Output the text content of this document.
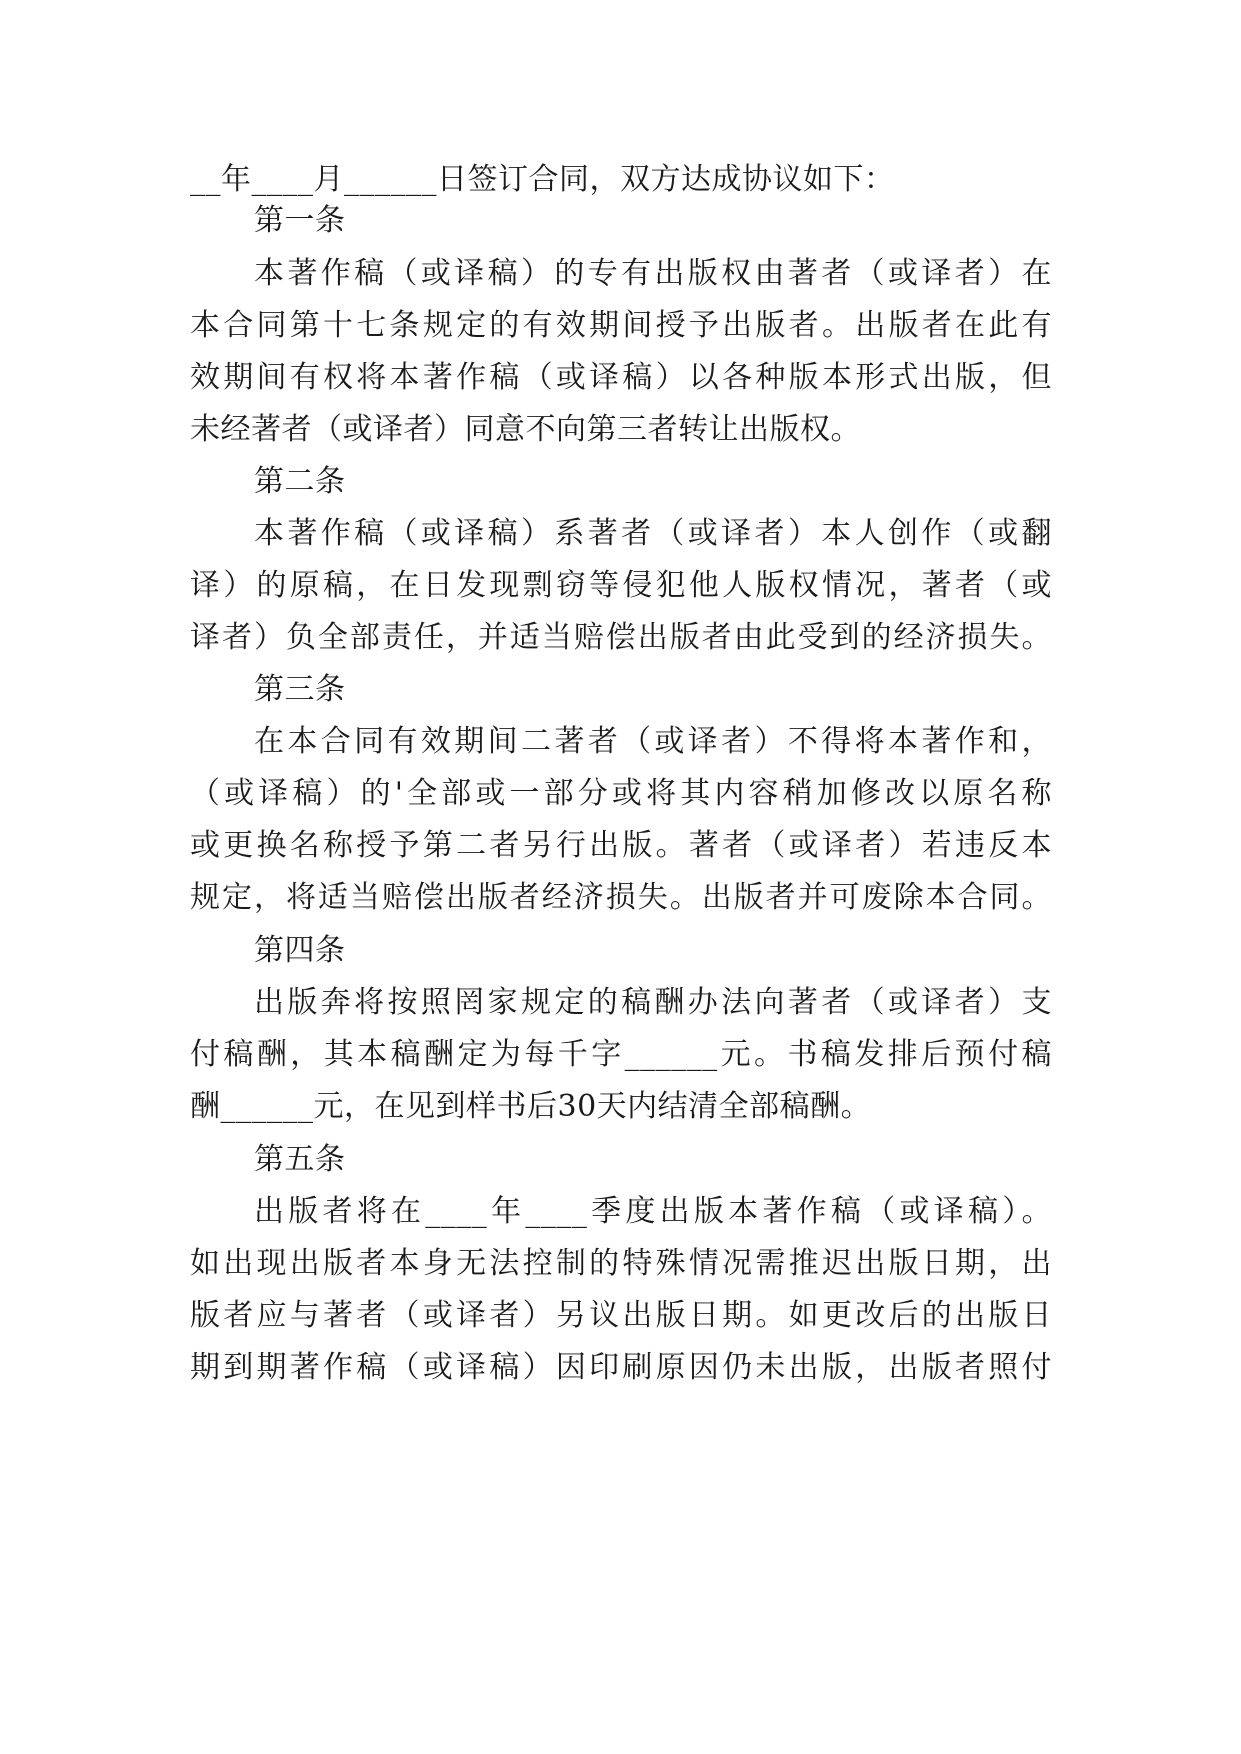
__年____月______日签订合同，双方达成协议如下：
第一条
本著作稿（或译稿）的专有出版权由著者（或译者）在
本合同第十七条规定的有效期间授予出版者。出版者在此有
效期间有权将本著作稿（或译稿）以各种版本形式出版，但
未经著者（或译者）同意不向第三者转让出版权。
第二条
本著作稿（或译稿）系著者（或译者）本人创作（或翻
译）的原稿，在日发现剽窃等侵犯他人版权情况，著者（或
译者）负全部责任，并适当赔偿出版者由此受到的经济损失。
第三条
在本合同有效期间二著者（或译者）不得将本著作和，
（或译稿）的'全部或一部分或将其内容稍加修改以原名称
或更换名称授予第二者另行出版。著者（或译者）若违反本
规定，将适当赔偿出版者经济损失。出版者并可废除本合同。
第四条
出版奔将按照罔家规定的稿酬办法向著者（或译者）支
付稿酬，其本稿酬定为每千字______元。书稿发排后预付稿
酬______元，在见到样书后30天内结清全部稿酬。
第五条
出版者将在____年____季度出版本著作稿（或译稿）。
如出现出版者本身无法控制的特殊情况需推迟出版日期，出
版者应与著者（或译者）另议出版日期。如更改后的出版日
期到期著作稿（或译稿）因印刷原因仍未出版，出版者照付
